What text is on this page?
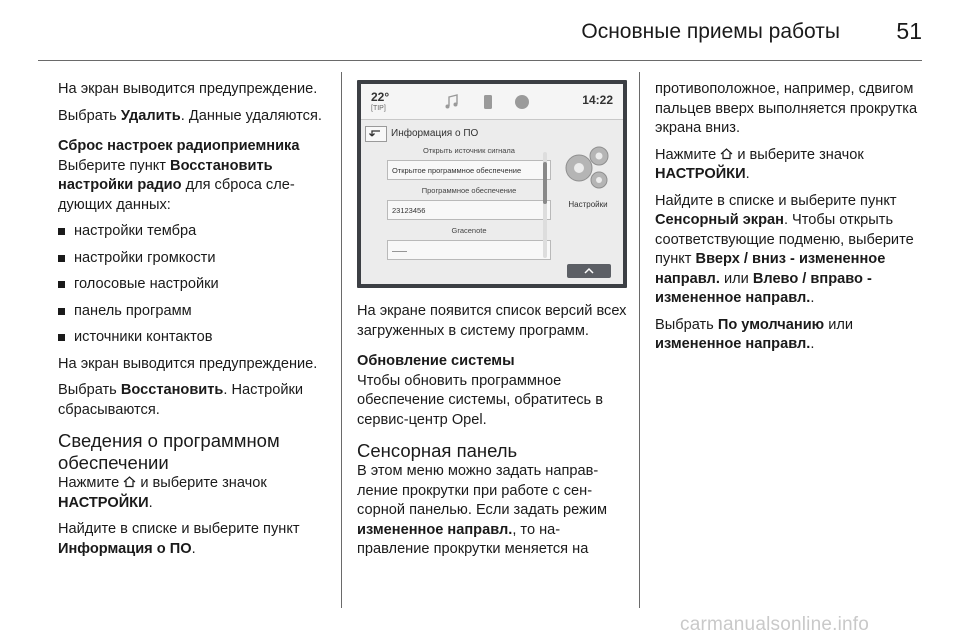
Основные приемы работы 51

На экран выводится предупреждение.

Выбрать Удалить. Данные удаляются.

Сброс настроек радиоприемника

Выберите пункт Восстановить настройки радио для сброса следующих данных:

настройки тембра
настройки громкости
голосовые настройки
панель программ
источники контактов

На экран выводится предупреждение.

Выбрать Восстановить. Настройки сбрасываются.

Сведения о программном обеспечении

Нажмите  и выберите значок
НАСТРОЙКИ.

Найдите в списке и выберите пункт Информация о ПО.

22°
[TIP]
14:22
Информация о ПО
Открыть источник сигнала
Открытое программное обеспечение
Программное обеспечение
23123456
Gracenote
——
Настройки

На экране появится список версий всех загруженных в систему программ.

Обновление системы

Чтобы обновить программное обеспечение системы, обратитесь в сервис-центр Opel.

Сенсорная панель

В этом меню можно задать направление прокрутки при работе с сенсорной панелью. Если задать режим измененное направл., то направление прокрутки меняется на

противоположное, например, сдвигом пальцев вверх выполняется прокрутка экрана вниз.

Нажмите  и выберите значок
НАСТРОЙКИ.

Найдите в списке и выберите пункт Сенсорный экран. Чтобы открыть соответствующие подменю, выберите пункт Вверх / вниз - измененное направл. или Влево / вправо - измененное направл..

Выбрать По умолчанию или измененное направл..

carmanualsonline.info
